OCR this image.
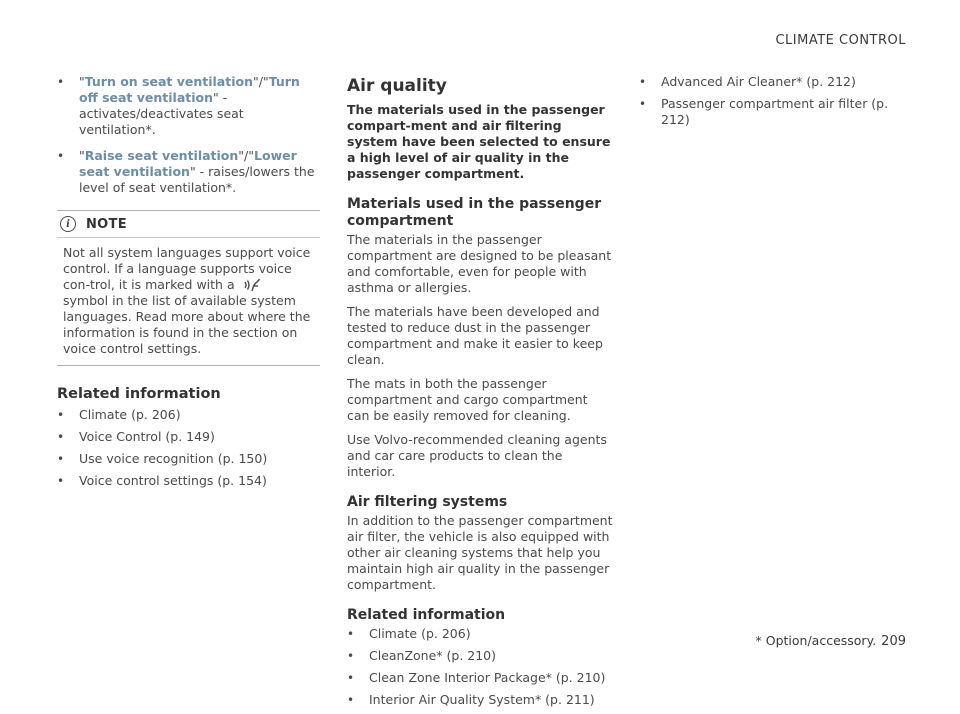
CLIMATE CONTROL
• "Turn on seat ventilation"/"Turn off seat ventilation" - activates/deactivates seat ventilation*.
• "Raise seat ventilation"/"Lower seat ventilation" - raises/lowers the level of seat ventilation*.
i	NOTE
Not all system languages support voice control. If a language supports voice con-trol, it is marked with a  symbol in the list of available system languages. Read more about where the information is found in the section on voice control settings.
Related information
• Climate (p. 206)
• Voice Control (p. 149)
• Use voice recognition (p. 150)
• Voice control settings (p. 154)
Air quality

The materials used in the passenger compart-ment and air filtering system have been selected to ensure a high level of air quality in the passenger compartment.

Materials used in the passenger compartment

The materials in the passenger compartment are designed to be pleasant and comfortable, even for people with asthma or allergies.

The materials have been developed and tested to reduce dust in the passenger compartment and make it easier to keep clean.

The mats in both the passenger compartment and cargo compartment can be easily removed for cleaning.

Use Volvo-recommended cleaning agents and car care products to clean the interior.

Air filtering systems

In addition to the passenger compartment air filter, the vehicle is also equipped with other air cleaning systems that help you maintain high air quality in the passenger compartment.

Related information
• Climate (p. 206)
• CleanZone* (p. 210)
• Clean Zone Interior Package* (p. 210)
• Interior Air Quality System* (p. 211)
• Advanced Air Cleaner* (p. 212)
• Passenger compartment air filter (p. 212)
* Option/accessory. 209
